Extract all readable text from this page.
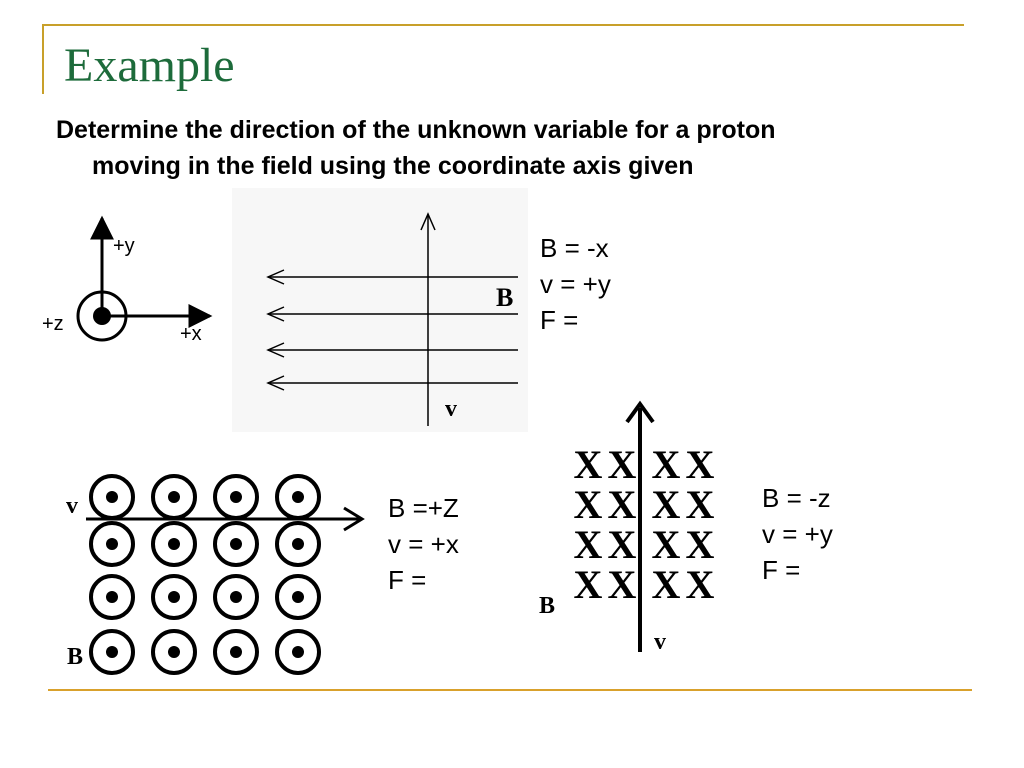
Example
Determine the direction of the unknown variable for a proton
moving in the field using the coordinate axis given
+y
+z	+x
B
v
v
B
X X X X
X X X X
X X X X
X X X X
v
B
B = -x
v = +y
F =
B =+Z
v = +x
F =
B = -z
v = +y
F =
